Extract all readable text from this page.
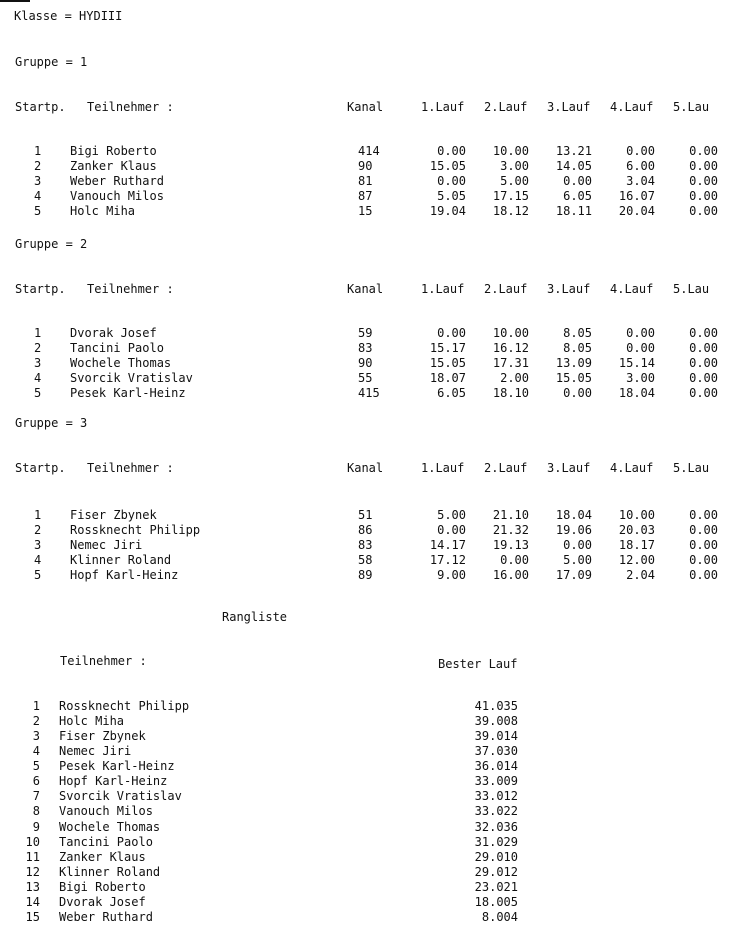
Klasse = HYDIII
Gruppe = 1
Startp. Teilnehmer :	Kanal	1.Lauf 2.Lauf 3.Lauf 4.Lauf 5.Lau
1 Bigi Roberto	414	0.00	10.00	13.21	0.00	0.00
2 Zanker Klaus	90	15.05	3.00	14.05	6.00	0.00
3 Weber Ruthard	81	0.00	5.00	0.00	3.04	0.00
4 Vanouch Milos	87	5.05	17.15	6.05	16.07	0.00
5 Holc Miha	15	19.04	18.12	18.11	20.04	0.00
Gruppe = 2
Startp. Teilnehmer :	Kanal	1.Lauf 2.Lauf 3.Lauf 4.Lauf 5.Lau
1 Dvorak Josef	59	0.00	10.00	8.05	0.00	0.00
2 Tancini Paolo	83	15.17	16.12	8.05	0.00	0.00
3 Wochele Thomas	90	15.05	17.31	13.09	15.14	0.00
4 Svorcik Vratislav	55	18.07	2.00	15.05	3.00	0.00
5 Pesek Karl-Heinz	415	6.05	18.10	0.00	18.04	0.00
Gruppe = 3
Startp. Teilnehmer :	Kanal	1.Lauf 2.Lauf 3.Lauf 4.Lauf 5.Lau
1 Fiser Zbynek	51	5.00	21.10	18.04	10.00	0.00
2 Rossknecht Philipp	86	0.00	21.32	19.06	20.03	0.00
3 Nemec Jiri	83	14.17	19.13	0.00	18.17	0.00
4 Klinner Roland	58	17.12	0.00	5.00	12.00	0.00
5 Hopf Karl-Heinz	89	9.00	16.00	17.09	2.04	0.00
Rangliste
Teilnehmer :	Bester Lauf
1 Rossknecht Philipp	41.035
2 Holc Miha	39.008
3 Fiser Zbynek	39.014
4 Nemec Jiri	37.030
5 Pesek Karl-Heinz	36.014
6 Hopf Karl-Heinz	33.009
7 Svorcik Vratislav	33.012
8 Vanouch Milos	33.022
9 Wochele Thomas	32.036
10 Tancini Paolo	31.029
11 Zanker Klaus	29.010
12 Klinner Roland	29.012
13 Bigi Roberto	23.021
14 Dvorak Josef	18.005
15 Weber Ruthard	8.004
